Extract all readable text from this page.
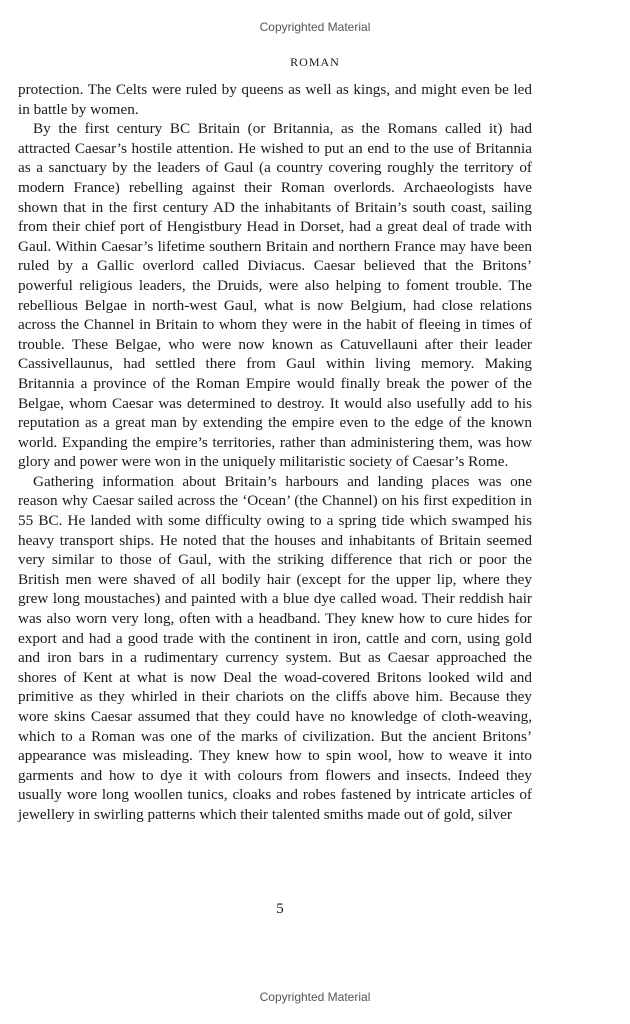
Copyrighted Material
ROMAN

protection. The Celts were ruled by queens as well as kings, and might even be led in battle by women.

By the first century BC Britain (or Britannia, as the Romans called it) had attracted Caesar’s hostile attention. He wished to put an end to the use of Britannia as a sanctuary by the leaders of Gaul (a country covering roughly the territory of modern France) rebelling against their Roman overlords. Archaeologists have shown that in the first century AD the inhabitants of Britain’s south coast, sailing from their chief port of Hengistbury Head in Dorset, had a great deal of trade with Gaul. Within Caesar’s lifetime southern Britain and northern France may have been ruled by a Gallic overlord called Diviacus. Caesar believed that the Britons’ powerful religious leaders, the Druids, were also helping to foment trouble. The rebellious Belgae in north-west Gaul, what is now Belgium, had close relations across the Channel in Britain to whom they were in the habit of fleeing in times of trouble. These Belgae, who were now known as Catuvellauni after their leader Cassivellaunus, had settled there from Gaul within living memory. Making Britannia a province of the Roman Empire would finally break the power of the Belgae, whom Caesar was determined to destroy. It would also usefully add to his reputation as a great man by extending the empire even to the edge of the known world. Expanding the empire’s territories, rather than administering them, was how glory and power were won in the uniquely militaristic society of Caesar’s Rome.

Gathering information about Britain’s harbours and landing places was one reason why Caesar sailed across the ‘Ocean’ (the Channel) on his first expedition in 55 BC. He landed with some difficulty owing to a spring tide which swamped his heavy transport ships. He noted that the houses and inhabitants of Britain seemed very similar to those of Gaul, with the striking difference that rich or poor the British men were shaved of all bodily hair (except for the upper lip, where they grew long moustaches) and painted with a blue dye called woad. Their reddish hair was also worn very long, often with a headband. They knew how to cure hides for export and had a good trade with the continent in iron, cattle and corn, using gold and iron bars in a rudimentary currency system. But as Caesar approached the shores of Kent at what is now Deal the woad-covered Britons looked wild and primitive as they whirled in their chariots on the cliffs above him. Because they wore skins Caesar assumed that they could have no knowledge of cloth-weaving, which to a Roman was one of the marks of civilization. But the ancient Britons’ appearance was misleading. They knew how to spin wool, how to weave it into garments and how to dye it with colours from flowers and insects. Indeed they usually wore long woollen tunics, cloaks and robes fastened by intricate articles of jewellery in swirling patterns which their talented smiths made out of gold, silver

5
Copyrighted Material
